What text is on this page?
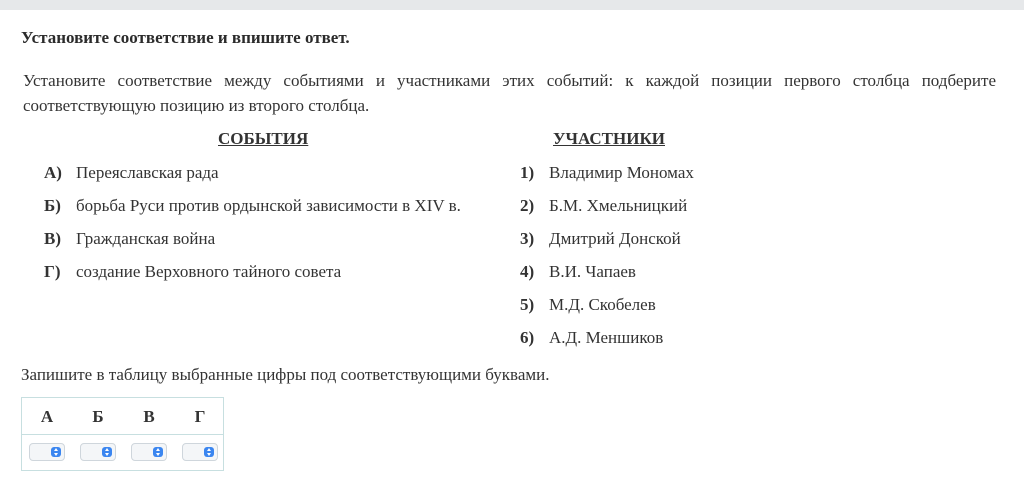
Установите соответствие и впишите ответ.
Установите соответствие между событиями и участниками этих событий: к каждой позиции первого столбца подберите соответствующую позицию из второго столбца.
СОБЫТИЯ	УЧАСТНИКИ
А) Переяславская рада
Б) борьба Руси против ордынской зависимости в XIV в.
В) Гражданская война
Г) создание Верховного тайного совета
1) Владимир Мономах
2) Б.М. Хмельницкий
3) Дмитрий Донской
4) В.И. Чапаев
5) М.Д. Скобелев
6) А.Д. Меншиков
Запишите в таблицу выбранные цифры под соответствующими буквами.
А	Б	В	Г
